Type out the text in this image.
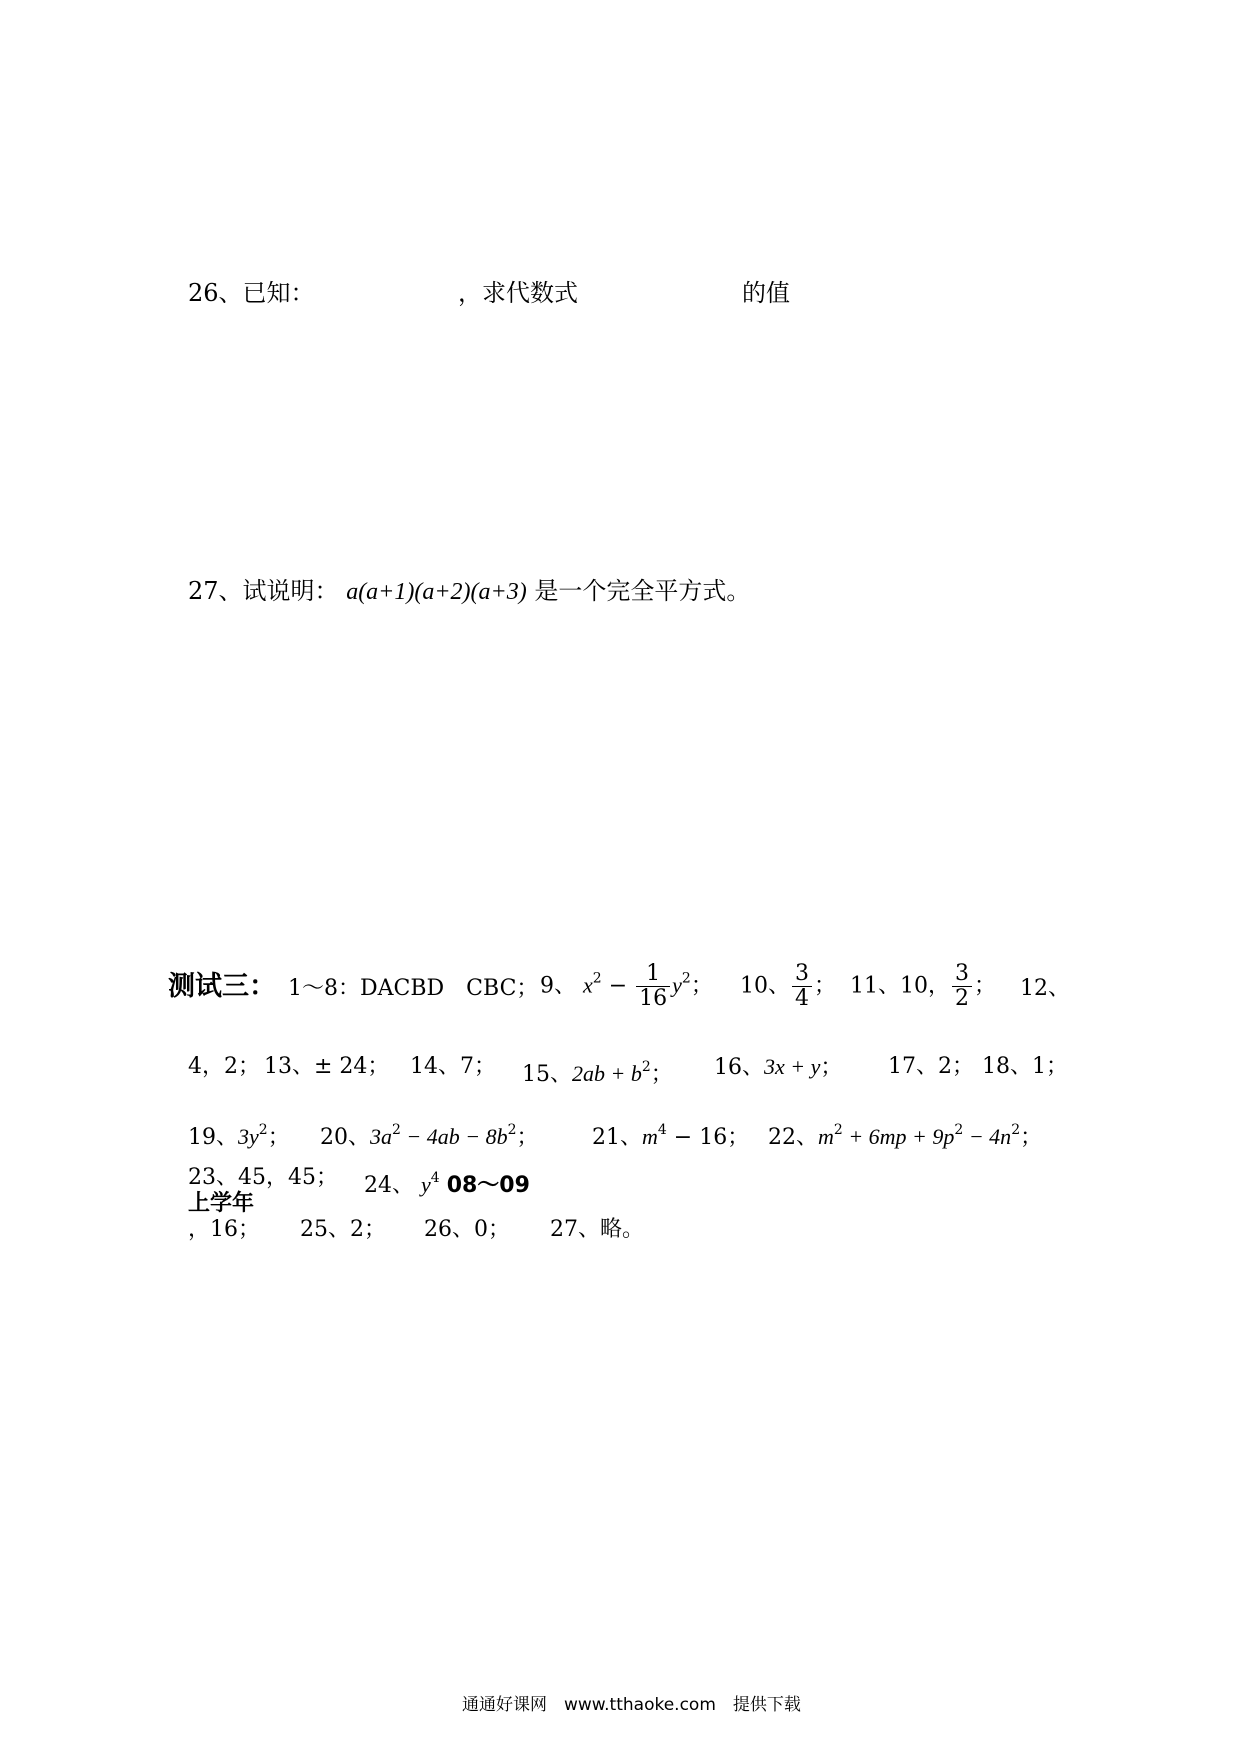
26、已知：	，求代数式	的值
27、试说明： a(a+1)(a+2)(a+3) 是一个完全平方式。
测试三： 1～8：DACBD　CBC； 9、 $x^2 - \frac{1}{16} y^2$； 10、 $\frac{3}{4}$ ； 11、10， $\frac{3}{2}$ ； 12、
4，2； 13、± 24； 14、7； 15、$2ab + b^2$； 16、3x + y； 17、2； 18、1；
19、$3y^2$； 20、$3a^2 - 4ab - 8b^2$； 21、$m^4 - 16$； 22、$m^2 + 6mp + 9p^2 - 4n^2$；
23、45，45； 24、 $y^4$ 08～09
上学年
，16； 25、2； 26、0； 27、略。
通通好课网　www.tthaoke.com　提供下载
